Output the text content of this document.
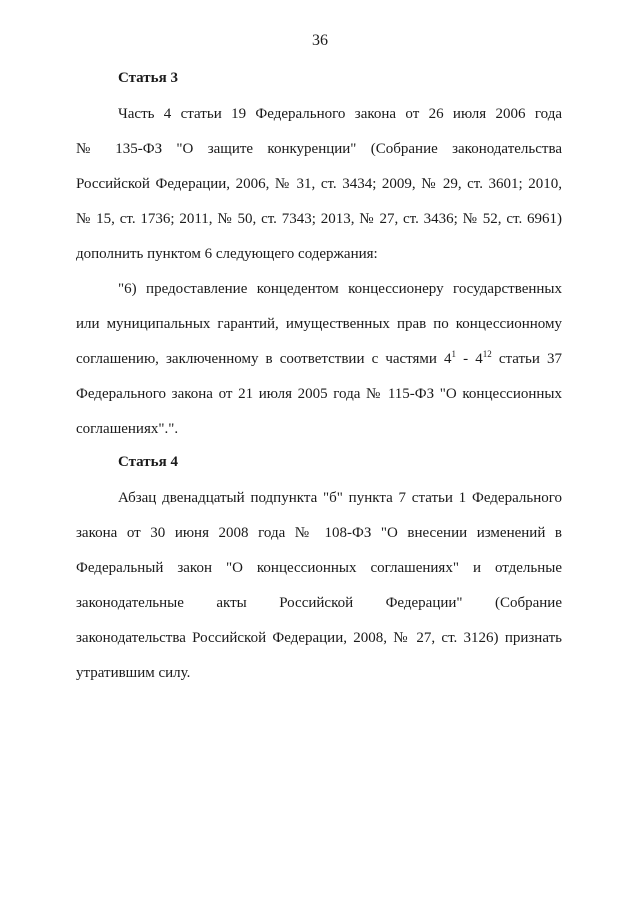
36
Статья 3
Часть 4 статьи 19 Федерального закона от 26 июля 2006 года
№ 135-ФЗ "О защите конкуренции" (Собрание законодательства
Российской Федерации, 2006, № 31, ст. 3434; 2009, № 29, ст. 3601; 2010,
№ 15, ст. 1736; 2011, № 50, ст. 7343; 2013, № 27, ст. 3436; № 52, ст. 6961)
дополнить пунктом 6 следующего содержания:
"6) предоставление концедентом концессионеру государственных
или муниципальных гарантий, имущественных прав по концессионному
соглашению, заключенному в соответствии с частями $4^1 - 4^{12}$ статьи 37
Федерального закона от 21 июля 2005 года № 115-ФЗ "О концессионных
соглашениях".".
Статья 4
Абзац двенадцатый подпункта "б" пункта 7 статьи 1 Федерального
закона от 30 июня 2008 года № 108-ФЗ "О внесении изменений в
Федеральный закон "О концессионных соглашениях" и отдельные
законодательные акты Российской Федерации" (Собрание
законодательства Российской Федерации, 2008, № 27, ст. 3126) признать
утратившим силу.
